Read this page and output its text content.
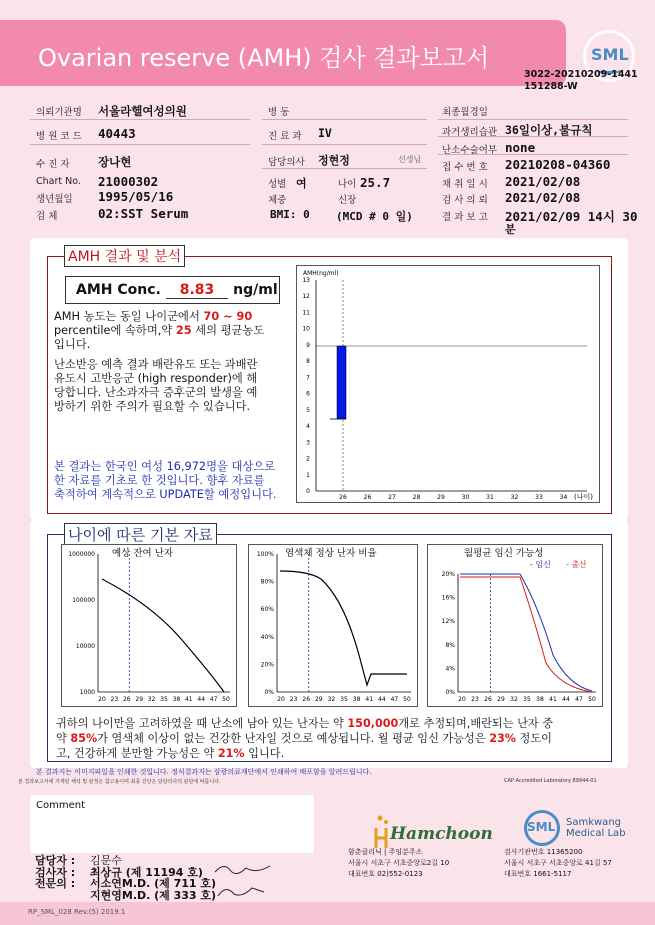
Ovarian reserve (AMH) 검사 결과보고서	SML
3022-20210209-1441
151288-W
의뢰기관명 서울라헬여성의원
병 원 코 드 40443
수 진 자 장나현
Chart No. 21000302
생년월일 1995/05/16
검 체	02:SST Serum
병 동
진 료 과 IV
담당의사 정현정	선생님
성별 여	나이 25.7
체중	신장
BMI: 0 (MCD # 0 일)
최종월경일
과거생리습관 36일이상,불규칙
난소수술여부 none
접 수 번 호 20210208-04360
채 취 일 시 2021/02/08
검 사 의 뢰 2021/02/08
결 과 보 고 2021/02/09 14시 30
분
AMH 결과 및 분석
AMH Conc. 8.83 ng/ml
AMH 농도는 동일 나이군에서 70 ~ 90
percentile에 속하며,약 25 세의 평균농도
입니다.
난소반응 예측 결과 배란유도 또는 과배란
유도시 고반응군 (high responder)에 해
당합니다. 난소과자극 증후군의 발생을 예
방하기 위한 주의가 필요할 수 있습니다.
본 결과는 한국인 여성 16,972명을 대상으로
한 자료를 기초로 한 것입니다. 향후 자료를
축적하여 계속적으로 UPDATE할 예정입니다.
AMH(ng/ml)
0
1
2
3
4
5
6
7
8
9
10
11
12
13
26	26	27	28	29	30	31	32	33	34 (나이)
나이에 따른 기본 자료
1000000
100000
10000
1000
20 23 26 29 32 35 38 41 44 47 50
예상 잔여 난자	100%
80%
60%
40%
20%
0%
20 23 26 29 32 35 38 41 44 47 50
염색체 정상 난자 비율
20%
16%
12%
8%
4%
0%
20 23 26 29 32 35 38 41 44 47 50
월평균 임신 가능성
- 임신 - 출산
귀하의 나이만을 고려하였을 때 난소에 남아 있는 난자는 약 150,000개로 추정되며,배란되는 난자 중
약 85%가 염색체 이상이 없는 건강한 난자일 것으로 예상됩니다. 월 평균 임신 가능성은 23% 정도이
고, 건강하게 분만할 가능성은 약 21% 입니다.
본 결과지는 이미지파일을 인쇄한 것입니다. 정식결과지는 삼광의료재단에서 인쇄하여 배포함을 알려드립니다.
본 결과보고서에 기재된 해석 및 판정은 참고용이며 최종 진단은 담당의사의 판단에 따릅니다.	CAP Accredited Laboratory 89944-01
Comment
담당자 : 김문수
검사자 : 최상규 (제 11194 호)
전문의 : 서소연M.D. (제 711 호)
지현영M.D. (제 333 호)
Hamchoon
함춘클리닉 | 주임분주소
서울시 서초구 서초중앙로2길 10
대표번호 02)552-0123
SML Samkwang
Medical Lab
검사기관번호 11365200
서울시 서초구 서초중앙로 41길 57
대표번호 1661-5117
RP_SML_028 Rev.(5) 2019.1
